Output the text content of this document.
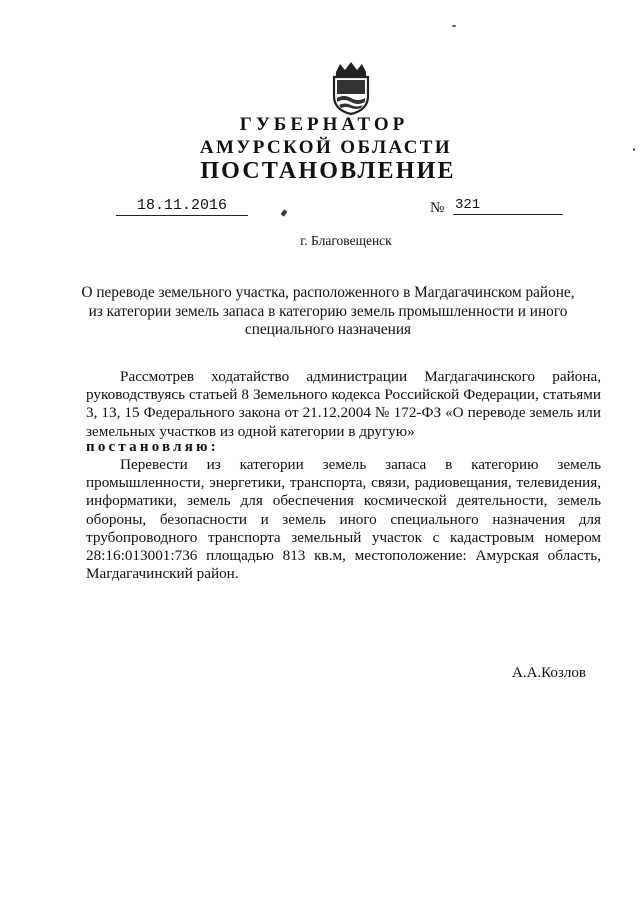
ГУБЕРНАТОР
АМУРСКОЙ ОБЛАСТИ
ПОСТАНОВЛЕНИЕ
18.11.2016	№ 321
г. Благовещенск
О переводе земельного участка, расположенного в Магдагачинском районе, из категории земель запаса в категорию земель промышленности и иного специального назначения
Рассмотрев ходатайство администрации Магдагачинского района, руководствуясь статьей 8 Земельного кодекса Российской Федерации, статьями 3, 13, 15 Федерального закона от 21.12.2004 № 172-ФЗ «О переводе земель или земельных участков из одной категории в другую»
постановляю:
Перевести из категории земель запаса в категорию земель промышленности, энергетики, транспорта, связи, радиовещания, телевидения, информатики, земель для обеспечения космической деятельности, земель обороны, безопасности и земель иного специального назначения для трубопроводного транспорта земельный участок с кадастровым номером 28:16:013001:736 площадью 813 кв.м, местоположение: Амурская область, Магдагачинский район.
А.А.Козлов
